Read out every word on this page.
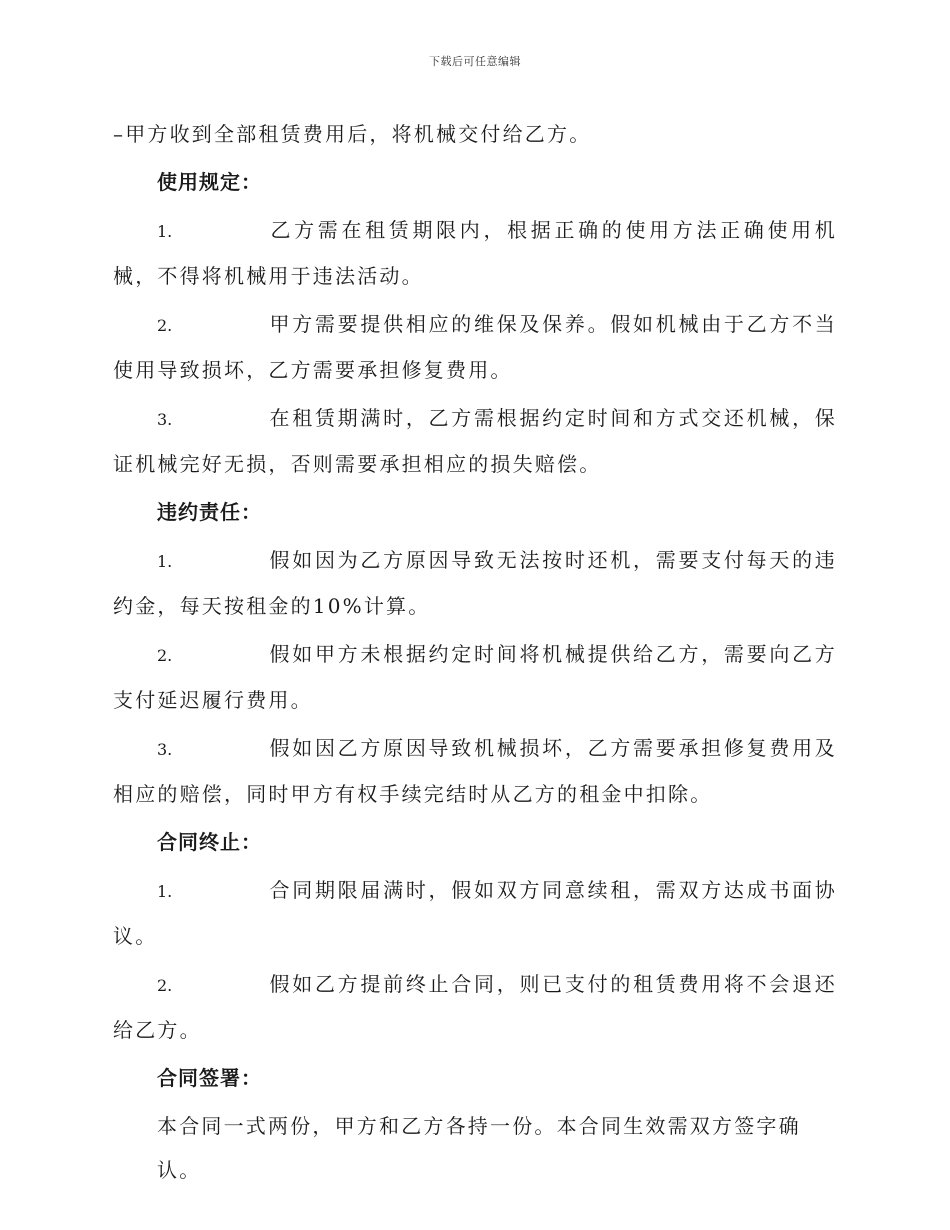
下载后可任意编辑

–甲方收到全部租赁费用后，将机械交付给乙方。

使用规定：

1.	乙方需在租赁期限内，根据正确的使用方法正确使用机械，不得将机械用于违法活动。

2.	甲方需要提供相应的维保及保养。假如机械由于乙方不当使用导致损坏，乙方需要承担修复费用。

3.	在租赁期满时，乙方需根据约定时间和方式交还机械，保证机械完好无损，否则需要承担相应的损失赔偿。

违约责任：

1.	假如因为乙方原因导致无法按时还机，需要支付每天的违约金，每天按租金的10%计算。

2.	假如甲方未根据约定时间将机械提供给乙方，需要向乙方支付延迟履行费用。

3.	假如因乙方原因导致机械损坏，乙方需要承担修复费用及相应的赔偿，同时甲方有权手续完结时从乙方的租金中扣除。

合同终止：

1.	合同期限届满时，假如双方同意续租，需双方达成书面协议。

2.	假如乙方提前终止合同，则已支付的租赁费用将不会退还给乙方。

合同签署：

本合同一式两份，甲方和乙方各持一份。本合同生效需双方签字确认。
